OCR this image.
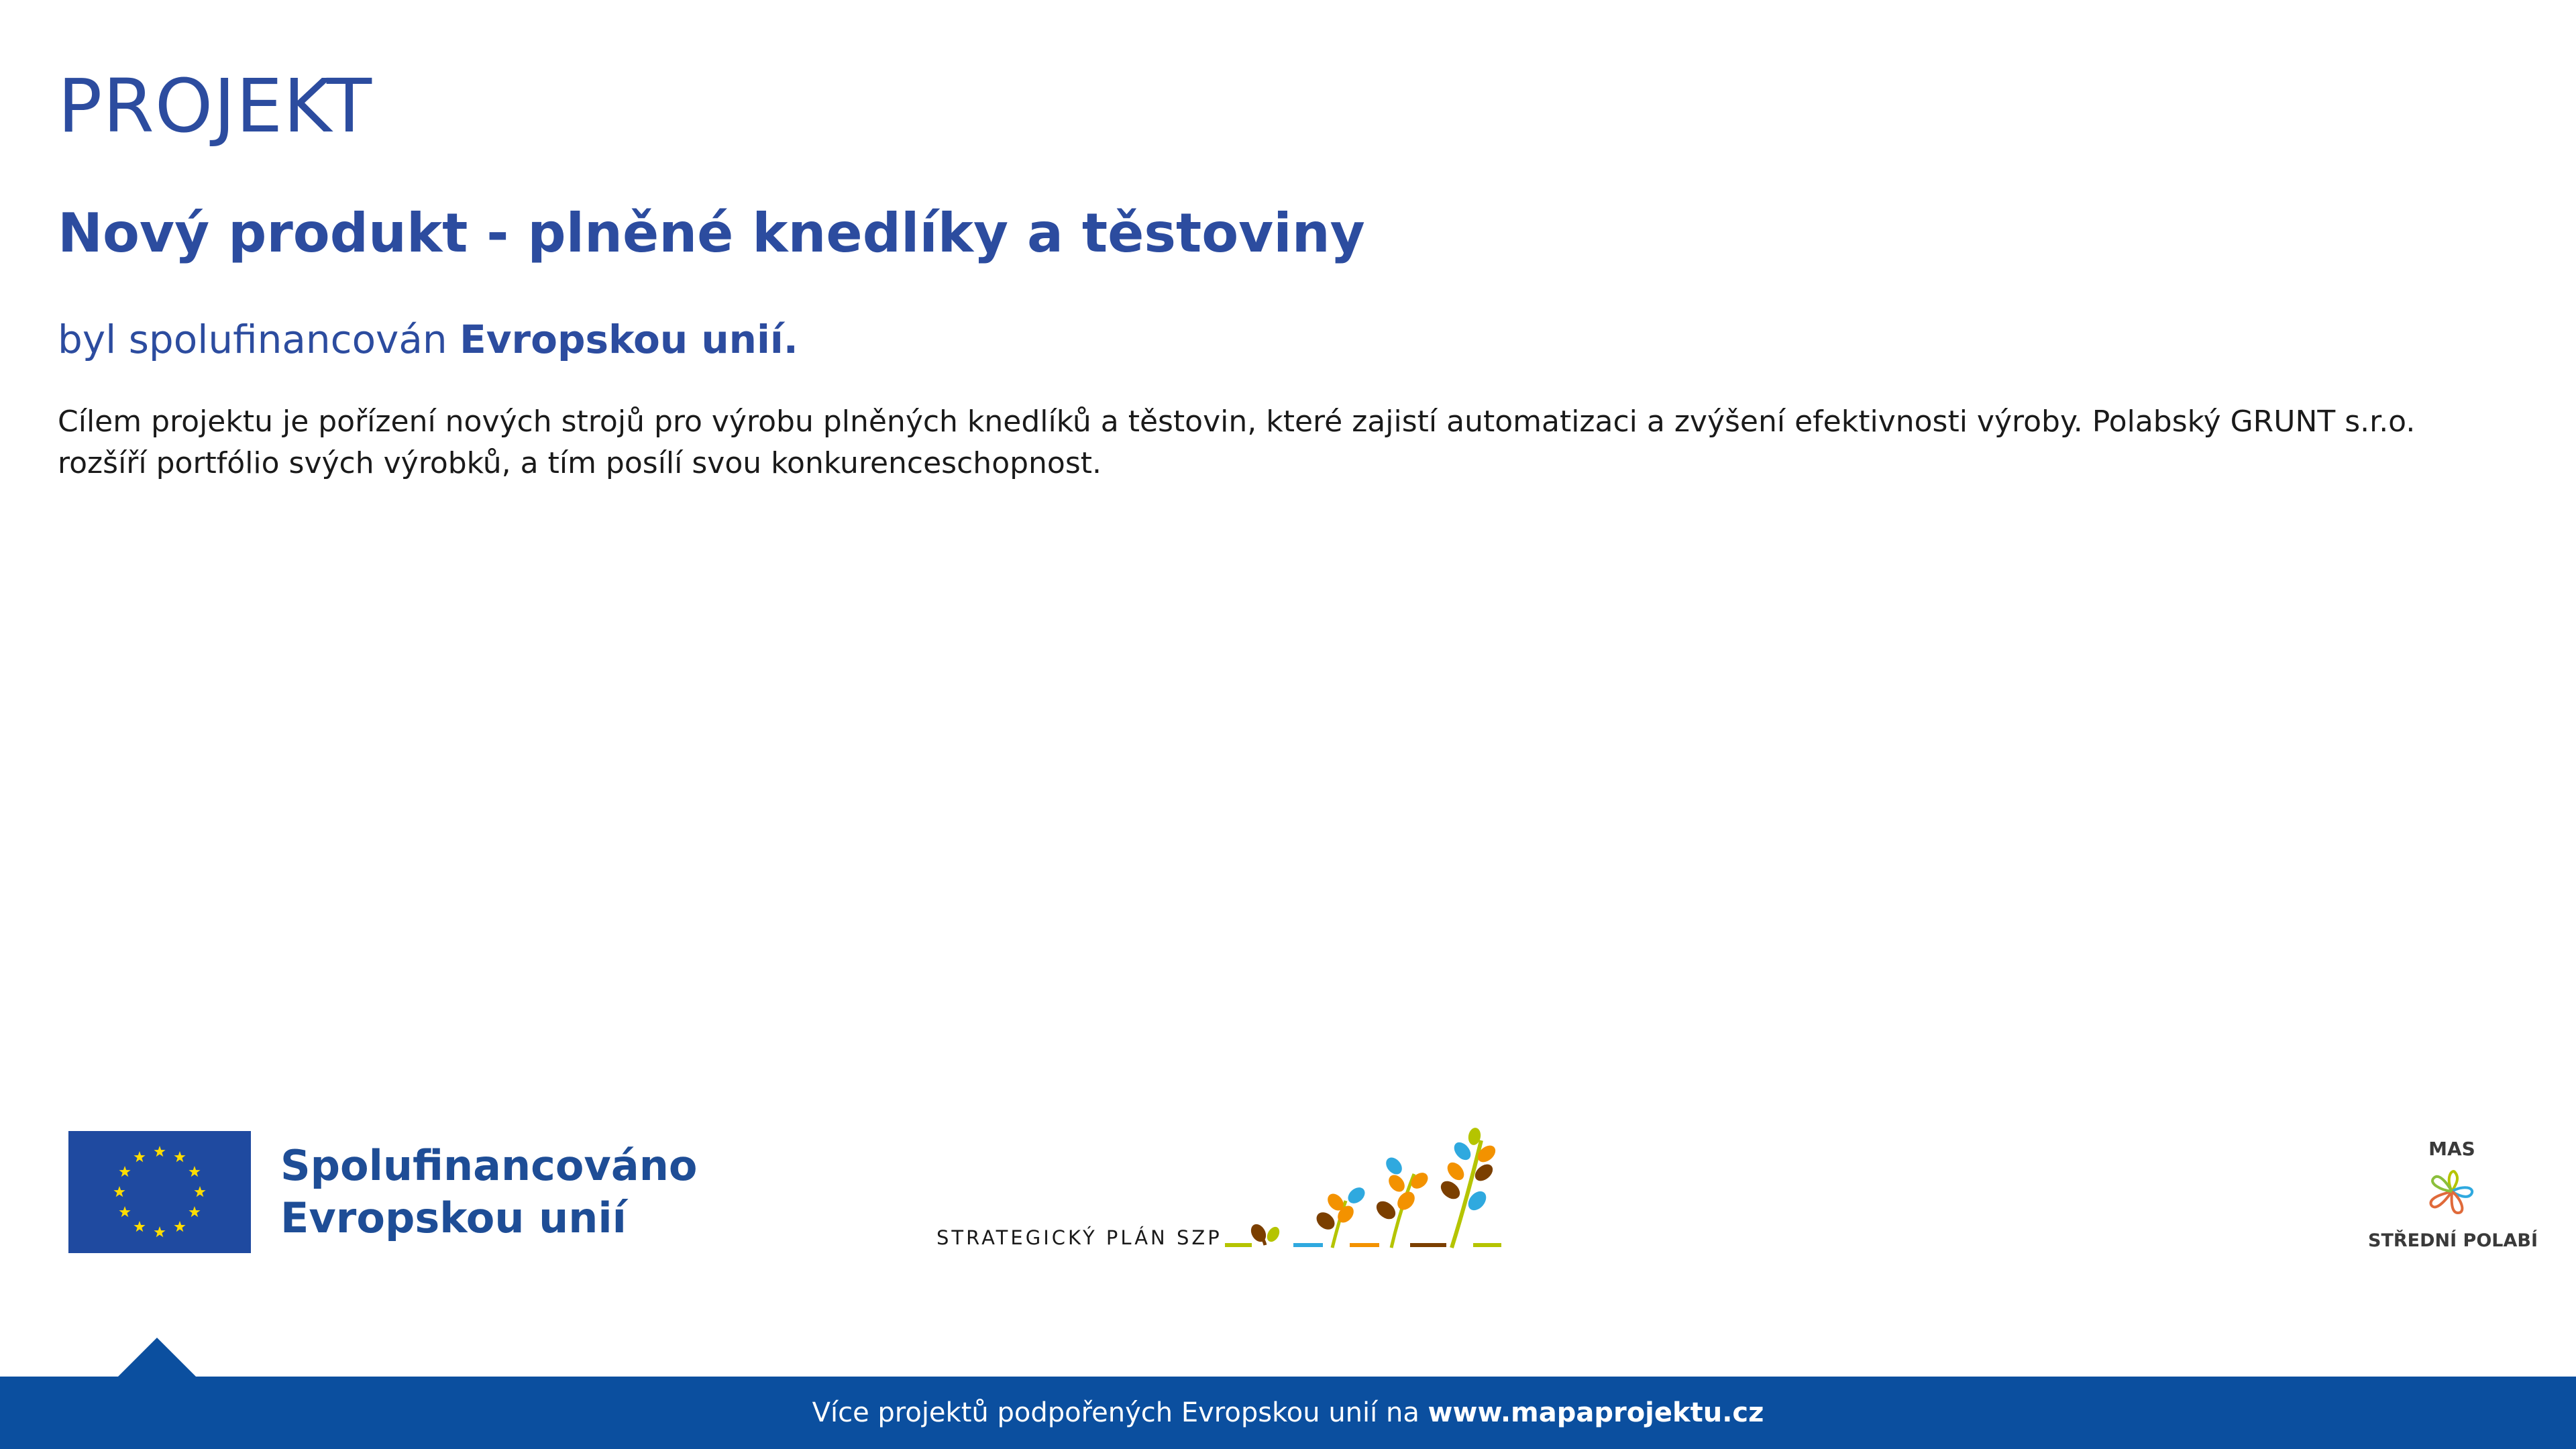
PROJEKT
Nový produkt - plněné knedlíky a těstoviny

byl spolufinancován Evropskou unií.

Cílem projektu je pořízení nových strojů pro výrobu plněných knedlíků a těstovin, které zajistí automatizaci a zvýšení efektivnosti výroby. Polabský GRUNT s.r.o. rozšíří portfólio svých výrobků, a tím posílí svou konkurenceschopnost.

Spolufinancováno
Evropskou unií	STRATEGICKÝ PLÁN SZP
MAS
STŘEDNÍ POLABÍ
Více projektů podpořených Evropskou unií na www.mapaprojektu.cz
